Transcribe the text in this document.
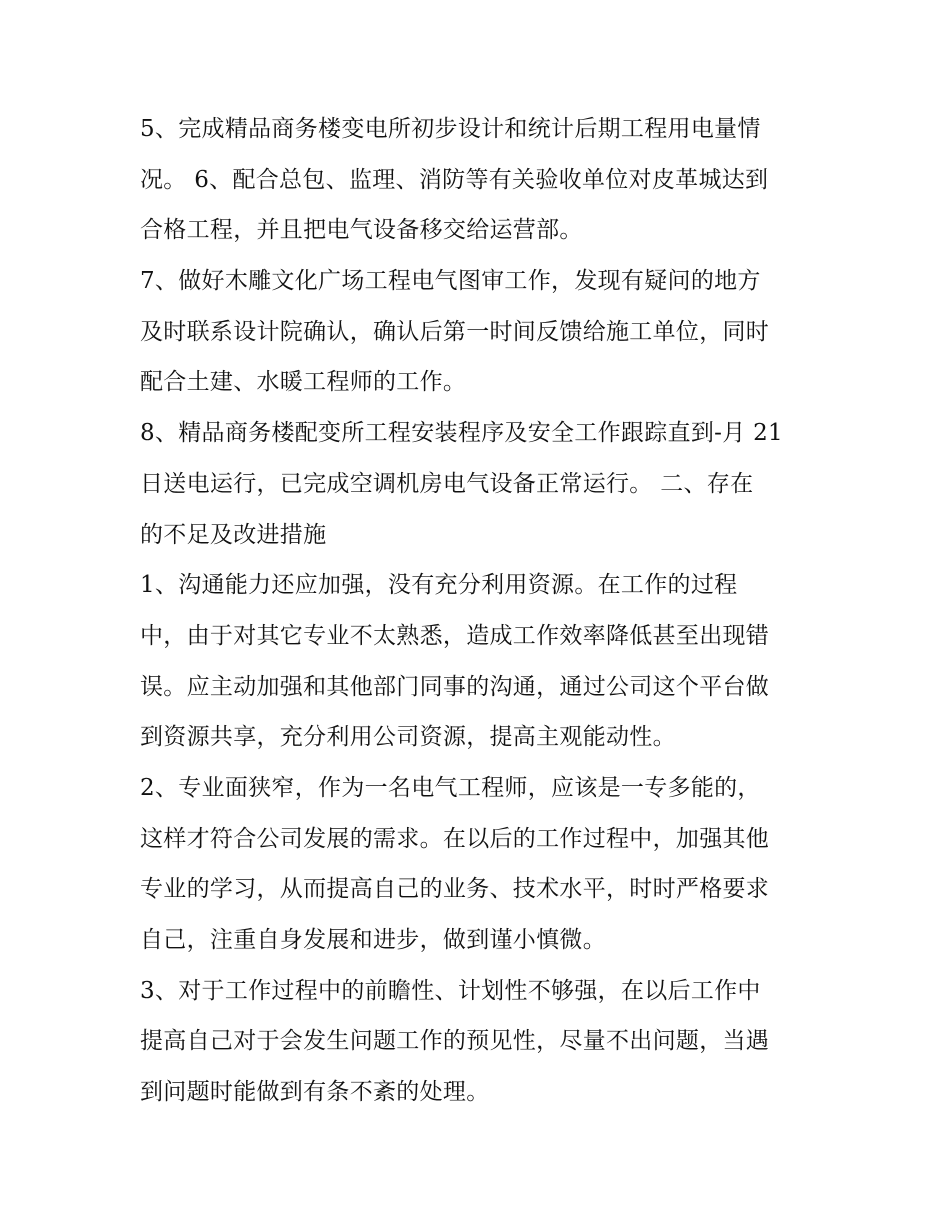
5、完成精品商务楼变电所初步设计和统计后期工程用电量情
况。 6、配合总包、监理、消防等有关验收单位对皮革城达到
合格工程，并且把电气设备移交给运营部。
7、做好木雕文化广场工程电气图审工作，发现有疑问的地方
及时联系设计院确认，确认后第一时间反馈给施工单位，同时
配合土建、水暖工程师的工作。
8、精品商务楼配变所工程安装程序及安全工作跟踪直到-月 21
日送电运行，已完成空调机房电气设备正常运行。 二、存在
的不足及改进措施
1、沟通能力还应加强，没有充分利用资源。在工作的过程
中，由于对其它专业不太熟悉，造成工作效率降低甚至出现错
误。应主动加强和其他部门同事的沟通，通过公司这个平台做
到资源共享，充分利用公司资源，提高主观能动性。
2、专业面狭窄，作为一名电气工程师，应该是一专多能的，
这样才符合公司发展的需求。在以后的工作过程中，加强其他
专业的学习，从而提高自己的业务、技术水平，时时严格要求
自己，注重自身发展和进步，做到谨小慎微。
3、对于工作过程中的前瞻性、计划性不够强，在以后工作中
提高自己对于会发生问题工作的预见性，尽量不出问题，当遇
到问题时能做到有条不紊的处理。
